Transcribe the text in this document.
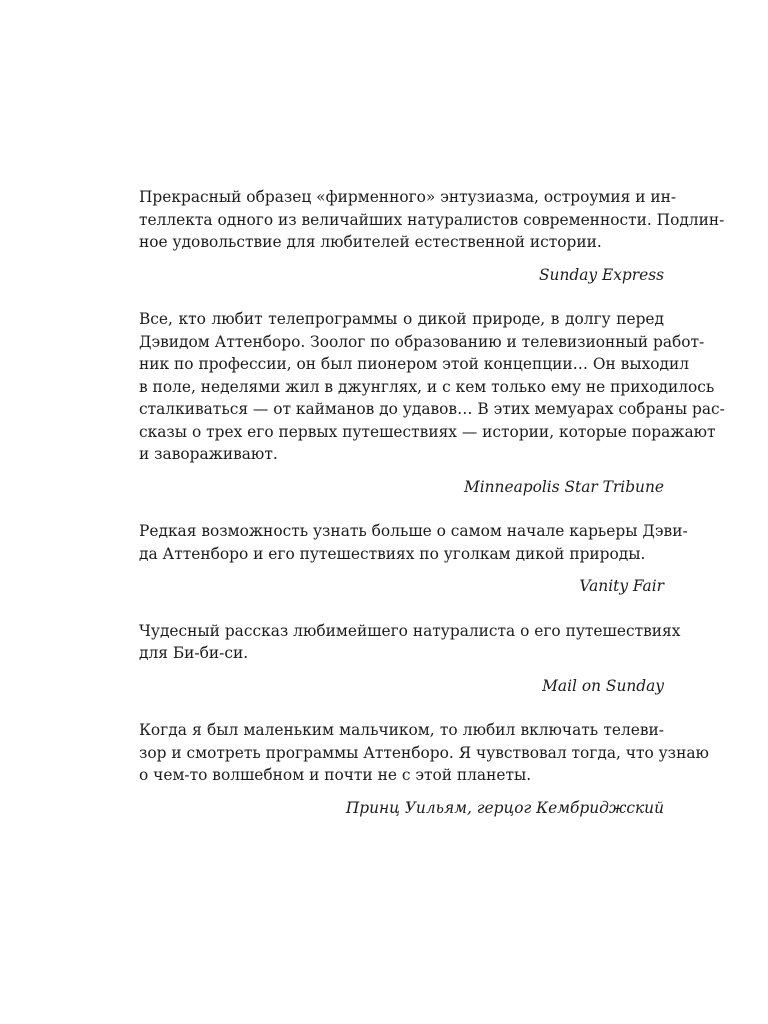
Прекрасный образец «фирменного» энтузиазма, остроумия и ин-
теллекта одного из величайших натуралистов современности. Подлин-
ное удовольствие для любителей естественной истории.

Sunday Express

Все, кто любит телепрограммы о дикой природе, в долгу перед
Дэвидом Аттенборо. Зоолог по образованию и телевизионный работ-
ник по профессии, он был пионером этой концепции… Он выходил
в поле, неделями жил в джунглях, и с кем только ему не приходилось
сталкиваться — от кайманов до удавов… В этих мемуарах собраны рас-
сказы о трех его первых путешествиях — истории, которые поражают
и завораживают.

Minneapolis Star Tribune

Редкая возможность узнать больше о самом начале карьеры Дэви-
да Аттенборо и его путешествиях по уголкам дикой природы.

Vanity Fair

Чудесный рассказ любимейшего натуралиста о его путешествиях
для Би-би-си.

Mail on Sunday

Когда я был маленьким мальчиком, то любил включать телеви-
зор и смотреть программы Аттенборо. Я чувствовал тогда, что узнаю
о чем-то волшебном и почти не с этой планеты.

Принц Уильям, герцог Кембриджский
